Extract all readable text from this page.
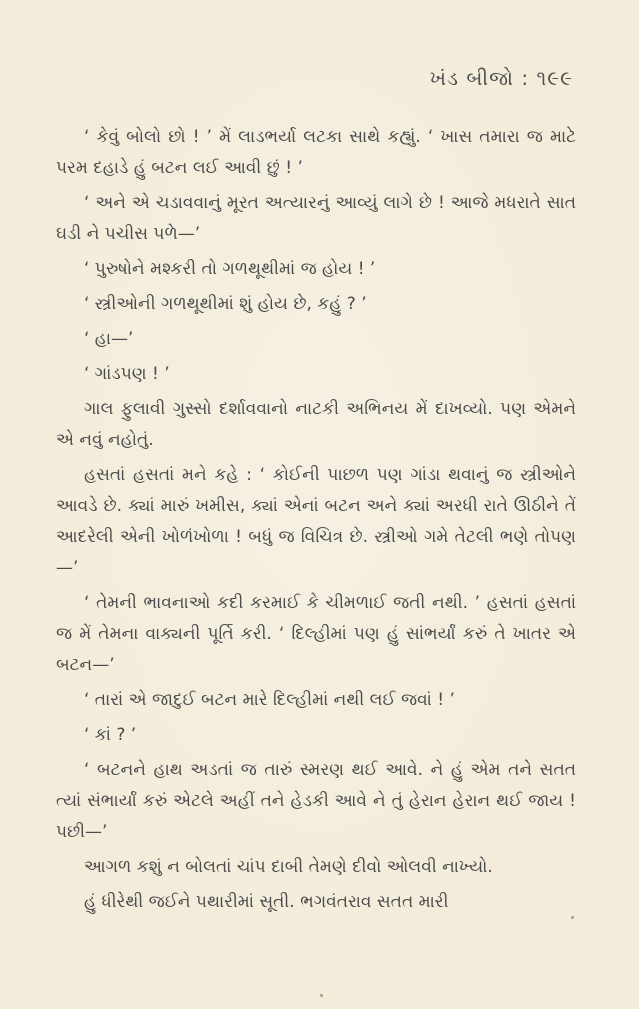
ખંડ બીજો : ૧૯૯

‘ કેવું બોલો છો ! ’ મેં લાડભર્યા લટકા સાથે કહ્યું. ‘ ખાસ તમારા જ માટે પરમ દહાડે હું બટન લઈ આવી છું ! ’

‘ અને એ ચડાવવાનું મૂરત અત્યારનું આવ્યું લાગે છે ! આજે મધરાતે સાત ઘડી ને પચીસ પળે—’

‘ પુરુષોને મશ્કરી તો ગળથૂથીમાં જ હોય ! ’

‘ સ્ત્રીઓની ગળથૂથીમાં શું હોય છે, કહું ? ’

‘ હા—’

‘ ગાંડપણ ! ’

ગાલ ફુલાવી ગુસ્સો દર્શાવવાનો નાટકી અભિનય મેં દાખવ્યો. પણ એમને એ નવું નહોતું.

હસતાં હસતાં મને કહે : ‘ કોઈની પાછળ પણ ગાંડા થવાનું જ સ્ત્રીઓને આવડે છે. ક્યાં મારું ખમીસ, ક્યાં એનાં બટન અને ક્યાં અરધી રાતે ઊઠીને તેં આદરેલી એની ખોળંખોળા ! બધું જ વિચિત્ર છે. સ્ત્રીઓ ગમે તેટલી ભણે તોપણ—’

‘ તેમની ભાવનાઓ કદી કરમાઈ કે ચીમળાઈ જતી નથી. ’ હસતાં હસતાં જ મેં તેમના વાક્યની પૂર્તિ કરી. ‘ દિલ્હીમાં પણ હું સાંભર્યાં કરું તે ખાતર એ બટન—’

‘ તારાં એ જાદુઈ બટન મારે દિલ્હીમાં નથી લઈ જવાં ! ’

‘ કાં ? ’

‘ બટનને હાથ અડતાં જ તારું સ્મરણ થઈ આવે. ને હું એમ તને સતત ત્યાં સંભાર્યાં કરું એટલે અહીં તને હેડકી આવે ને તું હેરાન હેરાન થઈ જાય ! પછી—’

આગળ કશું ન બોલતાં ચાંપ દાબી તેમણે દીવો ઓલવી નાખ્યો.

હું ધીરેથી જઈને પથારીમાં સૂતી. ભગવંતરાવ સતત મારી
